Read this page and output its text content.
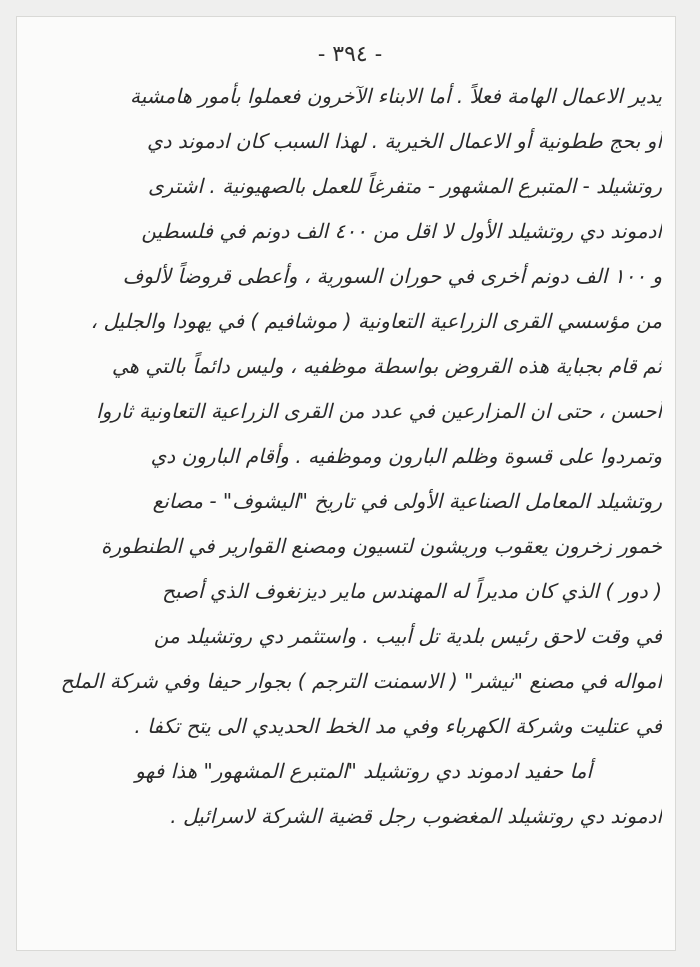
- ٣٩٤ -
يدير الاعمال الهامة فعلاً . أما الابناء الآخرون فعملوا بأمور هامشية
أو بحج ططونية أو الاعمال الخيرية . لهذا السبب كان ادموند دي
روتشيلد - المتبرع المشهور - متفرغاً للعمل بالصهيونية . اشترى
ادموند دي روتشيلد الأول لا اقل من ٤٠٠ الف دونم في فلسطين
و ١٠٠ الف دونم أخرى في حوران السورية ، وأعطى قروضاً لألوف
من مؤسسي القرى الزراعية التعاونية ( موشافيم ) في يهودا والجليل ،
ثم قام بجباية هذه القروض بواسطة موظفيه ، وليس دائماً بالتي هي
أحسن ، حتى ان المزارعين في عدد من القرى الزراعية التعاونية ثاروا
وتمردوا على قسوة وظلم البارون وموظفيه . وأقام البارون دي
روتشيلد المعامل الصناعية الأولى في تاريخ "اليشوف" - مصانع
خمور زخرون يعقوب وريشون لتسيون ومصنع القوارير في الطنطورة
( دور ) الذي كان مديراً له المهندس ماير ديزنغوف الذي أصبح
في وقت لاحق رئيس بلدية تل أبيب . واستثمر دي روتشيلد من
امواله في مصنع "نيشر" ( الاسمنت الترجم ) بجوار حيفا وفي شركة الملح
في عتليت وشركة الكهرباء وفي مد الخط الحديدي الى يتح تكفا .
أما حفيد ادموند دي روتشيلد "المتبرع المشهور" هذا فهو
ادموند دي روتشيلد المغضوب رجل قضية الشركة لاسرائيل .
